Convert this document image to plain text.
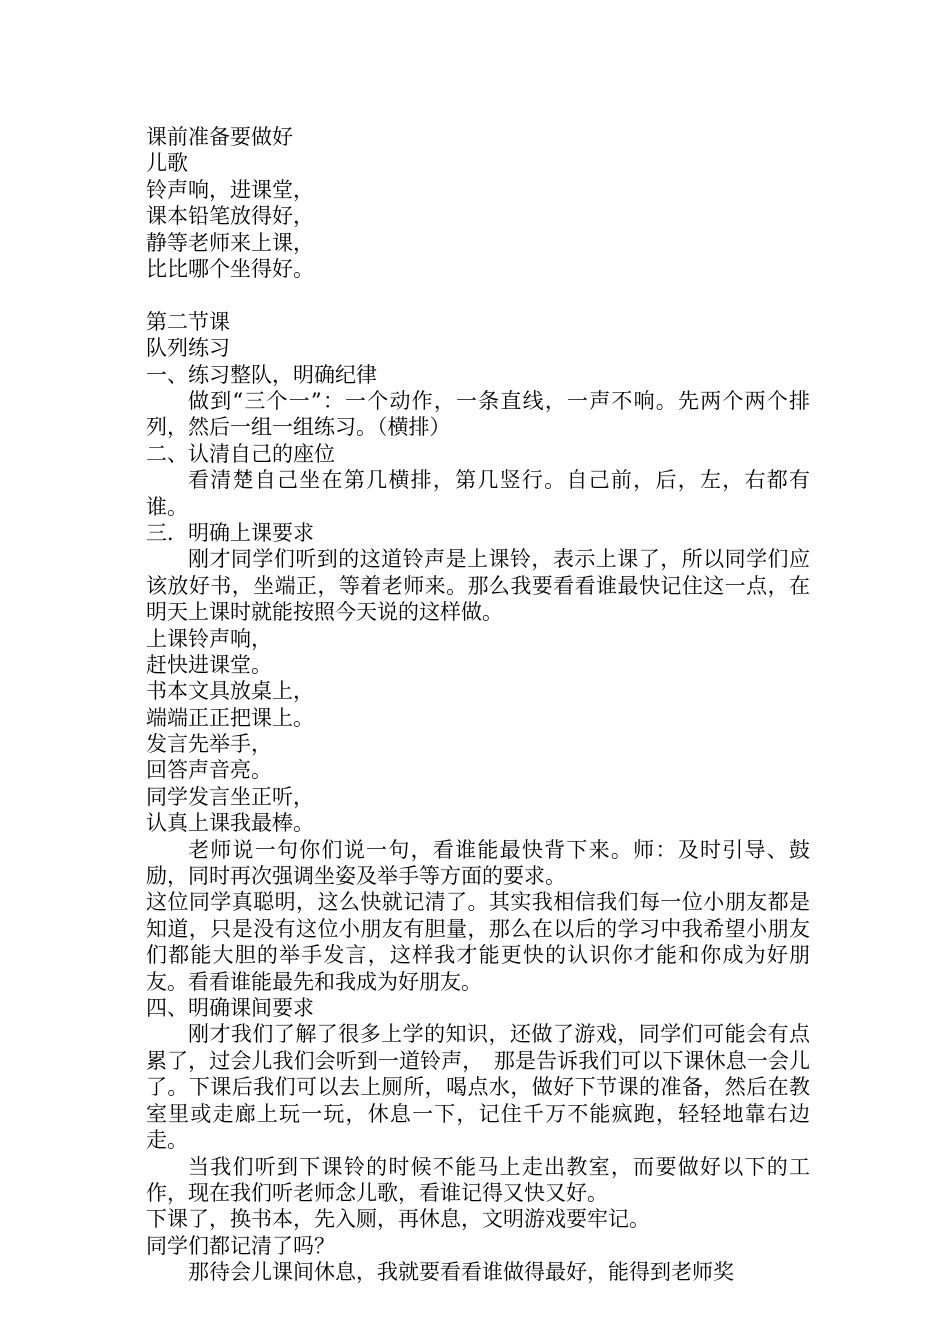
课前准备要做好
儿歌
铃声响，进课堂，
课本铅笔放得好，
静等老师来上课，
比比哪个坐得好。
第二节课
队列练习
一、练习整队，明确纪律

做到“三个一”：一个动作，一条直线，一声不响。先两个两个排列，然后一组一组练习。（横排）

二、认清自己的座位

看清楚自己坐在第几横排，第几竖行。自己前，后，左，右都有谁。

三．明确上课要求

刚才同学们听到的这道铃声是上课铃，表示上课了，所以同学们应该放好书，坐端正，等着老师来。那么我要看看谁最快记住这一点，在明天上课时就能按照今天说的这样做。

上课铃声响，
赶快进课堂。
书本文具放桌上，
端端正正把课上。
发言先举手，
回答声音亮。
同学发言坐正听，
认真上课我最棒。

老师说一句你们说一句，看谁能最快背下来。师：及时引导、鼓励，同时再次强调坐姿及举手等方面的要求。

这位同学真聪明，这么快就记清了。其实我相信我们每一位小朋友都是知道，只是没有这位小朋友有胆量，那么在以后的学习中我希望小朋友们都能大胆的举手发言，这样我才能更快的认识你才能和你成为好朋友。看看谁能最先和我成为好朋友。

四、明确课间要求

刚才我们了解了很多上学的知识，还做了游戏，同学们可能会有点累了，过会儿我们会听到一道铃声，　那是告诉我们可以下课休息一会儿了。下课后我们可以去上厕所，喝点水，做好下节课的准备，然后在教室里或走廊上玩一玩，休息一下，记住千万不能疯跑，轻轻地靠右边走。

当我们听到下课铃的时候不能马上走出教室，而要做好以下的工作，现在我们听老师念儿歌，看谁记得又快又好。

下课了，换书本，先入厕，再休息，文明游戏要牢记。
同学们都记清了吗？

那待会儿课间休息，我就要看看谁做得最好，能得到老师奖
